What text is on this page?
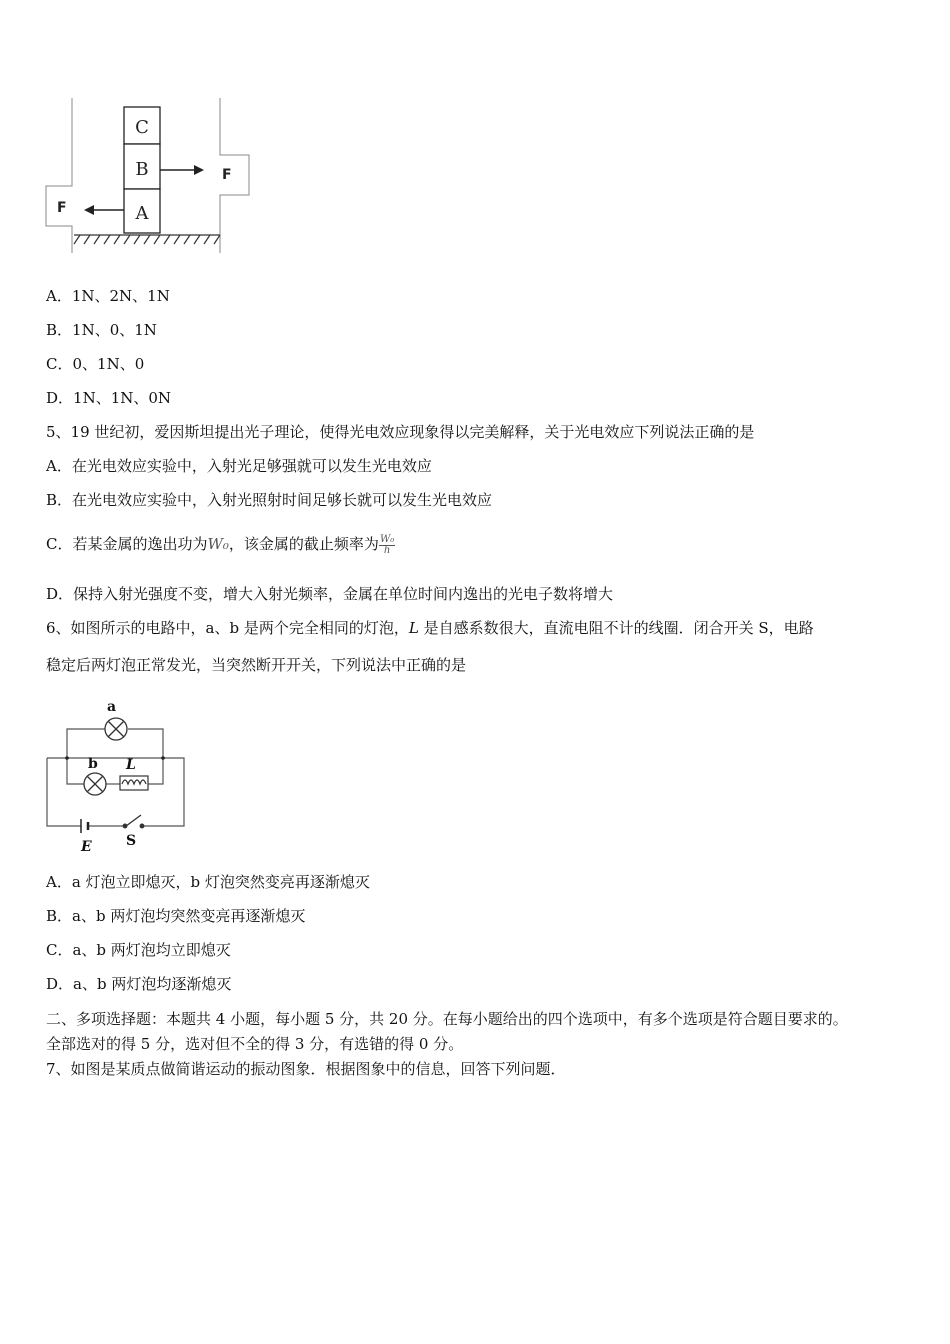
C
B
A
F
F
A．1N、2N、1N
B．1N、0、1N
C．0、1N、0
D．1N、1N、0N
5、19 世纪初，爱因斯坦提出光子理论，使得光电效应现象得以完美解释，关于光电效应下列说法正确的是
A．在光电效应实验中，入射光足够强就可以发生光电效应
B．在光电效应实验中，入射光照射时间足够长就可以发生光电效应
C．若某金属的逸出功为W₀，该金属的截止频率为 $\frac{\text{W₀}}{h}$
D．保持入射光强度不变，增大入射光频率，金属在单位时间内逸出的光电子数将增大
6、如图所示的电路中，a、b 是两个完全相同的灯泡，L 是自感系数很大，直流电阻不计的线圈．闭合开关 S，电路
稳定后两灯泡正常发光，当突然断开开关，下列说法中正确的是
a
b L
E S
A．a 灯泡立即熄灭，b 灯泡突然变亮再逐渐熄灭
B．a、b 两灯泡均突然变亮再逐渐熄灭
C．a、b 两灯泡均立即熄灭
D．a、b 两灯泡均逐渐熄灭
二、多项选择题：本题共 4 小题，每小题 5 分，共 20 分。在每小题给出的四个选项中，有多个选项是符合题目要求的。
全部选对的得 5 分，选对但不全的得 3 分，有选错的得 0 分。
7、如图是某质点做简谐运动的振动图象．根据图象中的信息，回答下列问题．
